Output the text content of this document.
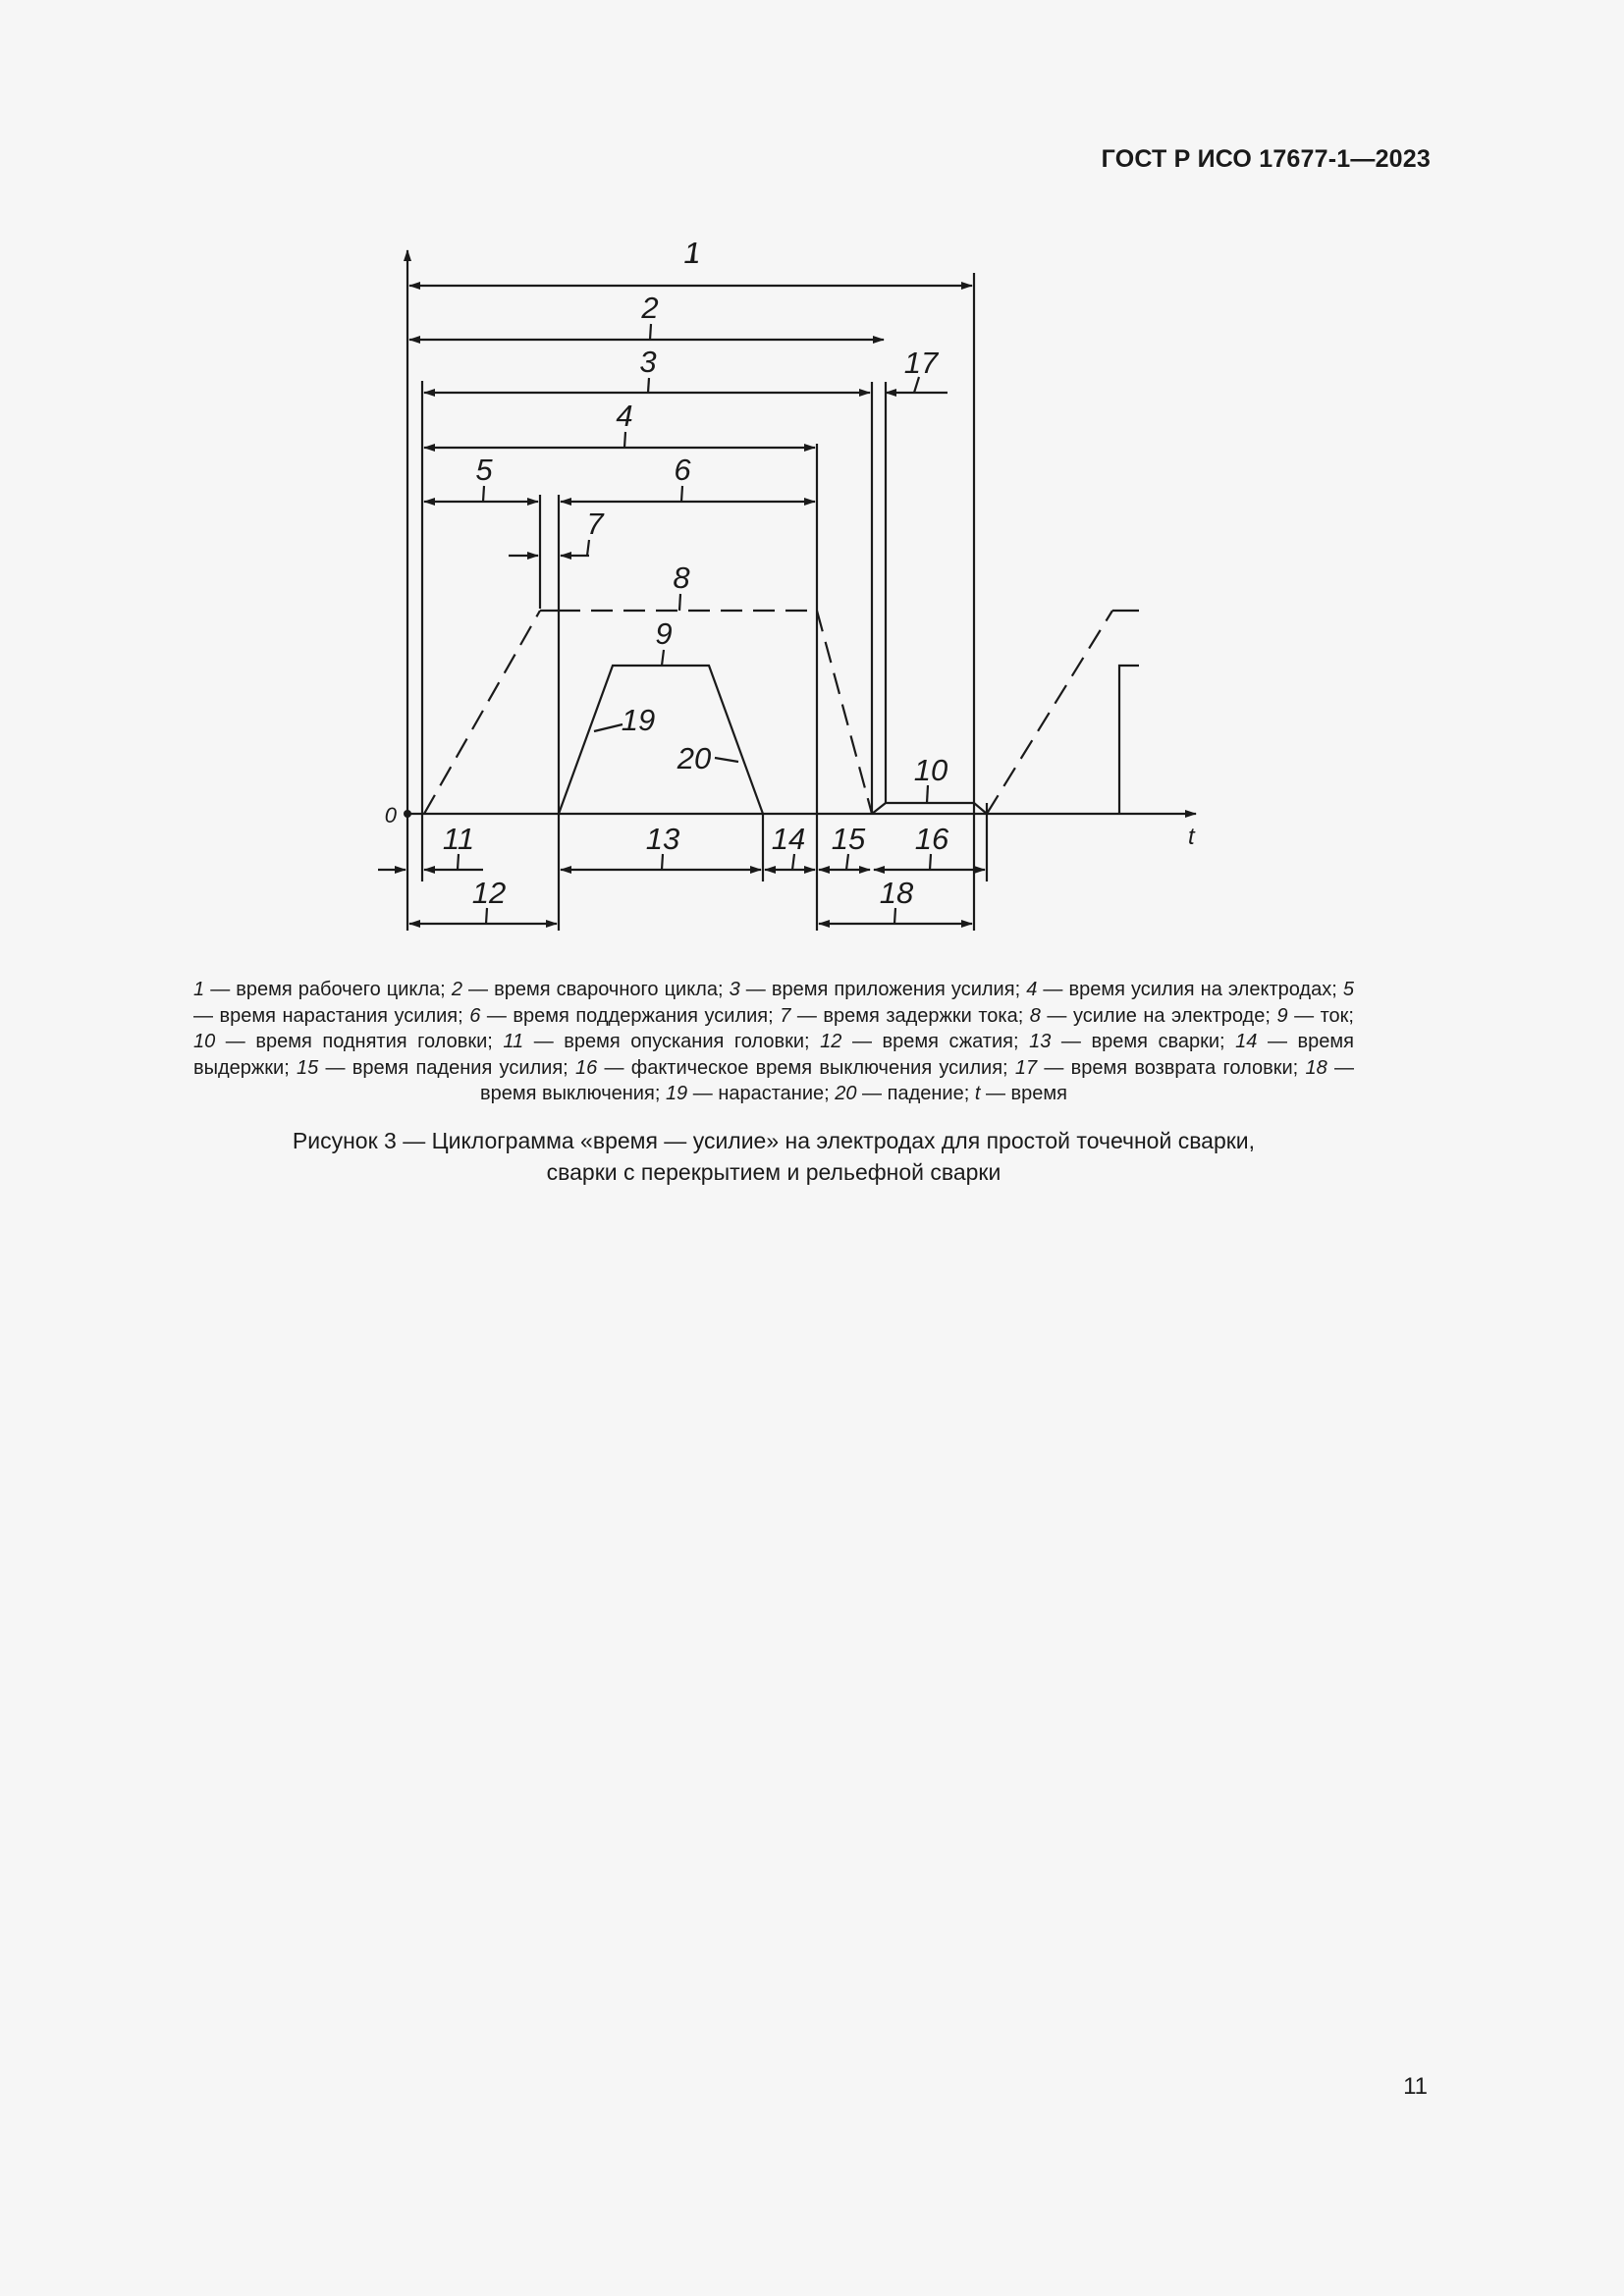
ГОСТ Р ИСО 17677-1—2023
1
2
3
4
5	6
7
8
9
10
11
12
13	14 15 16
17
18
19
20
t
0
1 — время рабочего цикла; 2 — время сварочного цикла; 3 — время приложения усилия; 4 — время усилия на электродах; 5 — время нарастания усилия; 6 — время поддержания усилия; 7 — время задержки тока; 8 — усилие на электроде; 9 — ток; 10 — время поднятия головки; 11 — время опускания головки; 12 — время сжатия; 13 — время сварки; 14 — время выдержки; 15 — время падения усилия; 16 — фактическое время выключения усилия; 17 — время возврата головки; 18 — время выключения; 19 — нарастание; 20 — падение; t — время
Рисунок 3 — Циклограмма «время — усилие» на электродах для простой точечной сварки,
сварки с перекрытием и рельефной сварки
11
